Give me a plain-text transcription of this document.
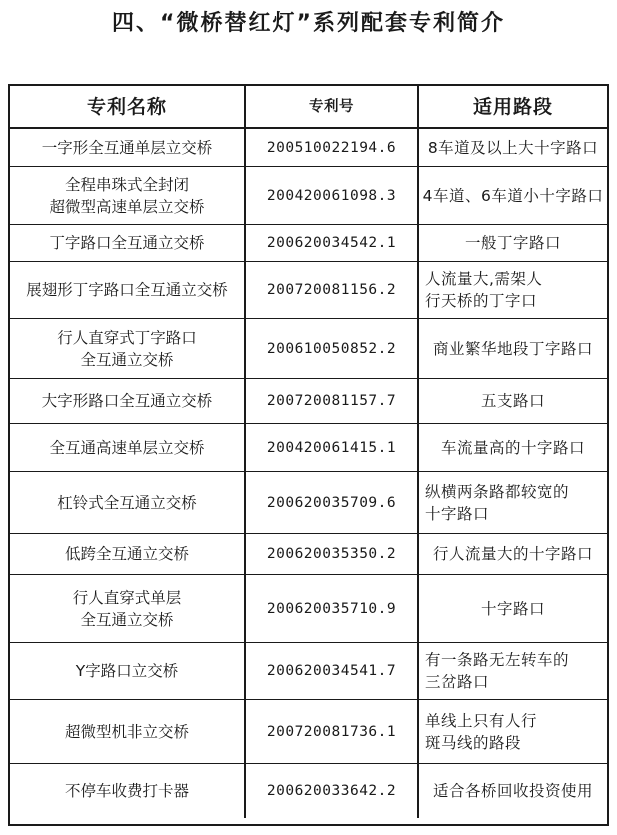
四、“微桥替红灯”系列配套专利简介
专利名称	专利号	适用路段
一字形全互通单层立交桥	200510022194.6	8车道及以上大十字路口
全程串珠式全封闭
超微型高速单层立交桥
200420061098.3	4车道、6车道小十字路口
丁字路口全互通立交桥	200620034542.1	一般丁字路口
展翅形丁字路口全互通立交桥	200720081156.2
人流量大,需架人
行天桥的丁字口
行人直穿式丁字路口
全互通立交桥
200610050852.2	商业繁华地段丁字路口
大字形路口全互通立交桥	200720081157.7	五支路口
全互通高速单层立交桥	200420061415.1	车流量高的十字路口
杠铃式全互通立交桥	200620035709.6
纵横两条路都较宽的
十字路口
低跨全互通立交桥	200620035350.2	行人流量大的十字路口
行人直穿式单层
全互通立交桥
200620035710.9	十字路口
Y字路口立交桥	200620034541.7
有一条路无左转车的
三岔路口
超微型机非立交桥	200720081736.1
单线上只有人行
斑马线的路段
不停车收费打卡器	200620033642.2	适合各桥回收投资使用
